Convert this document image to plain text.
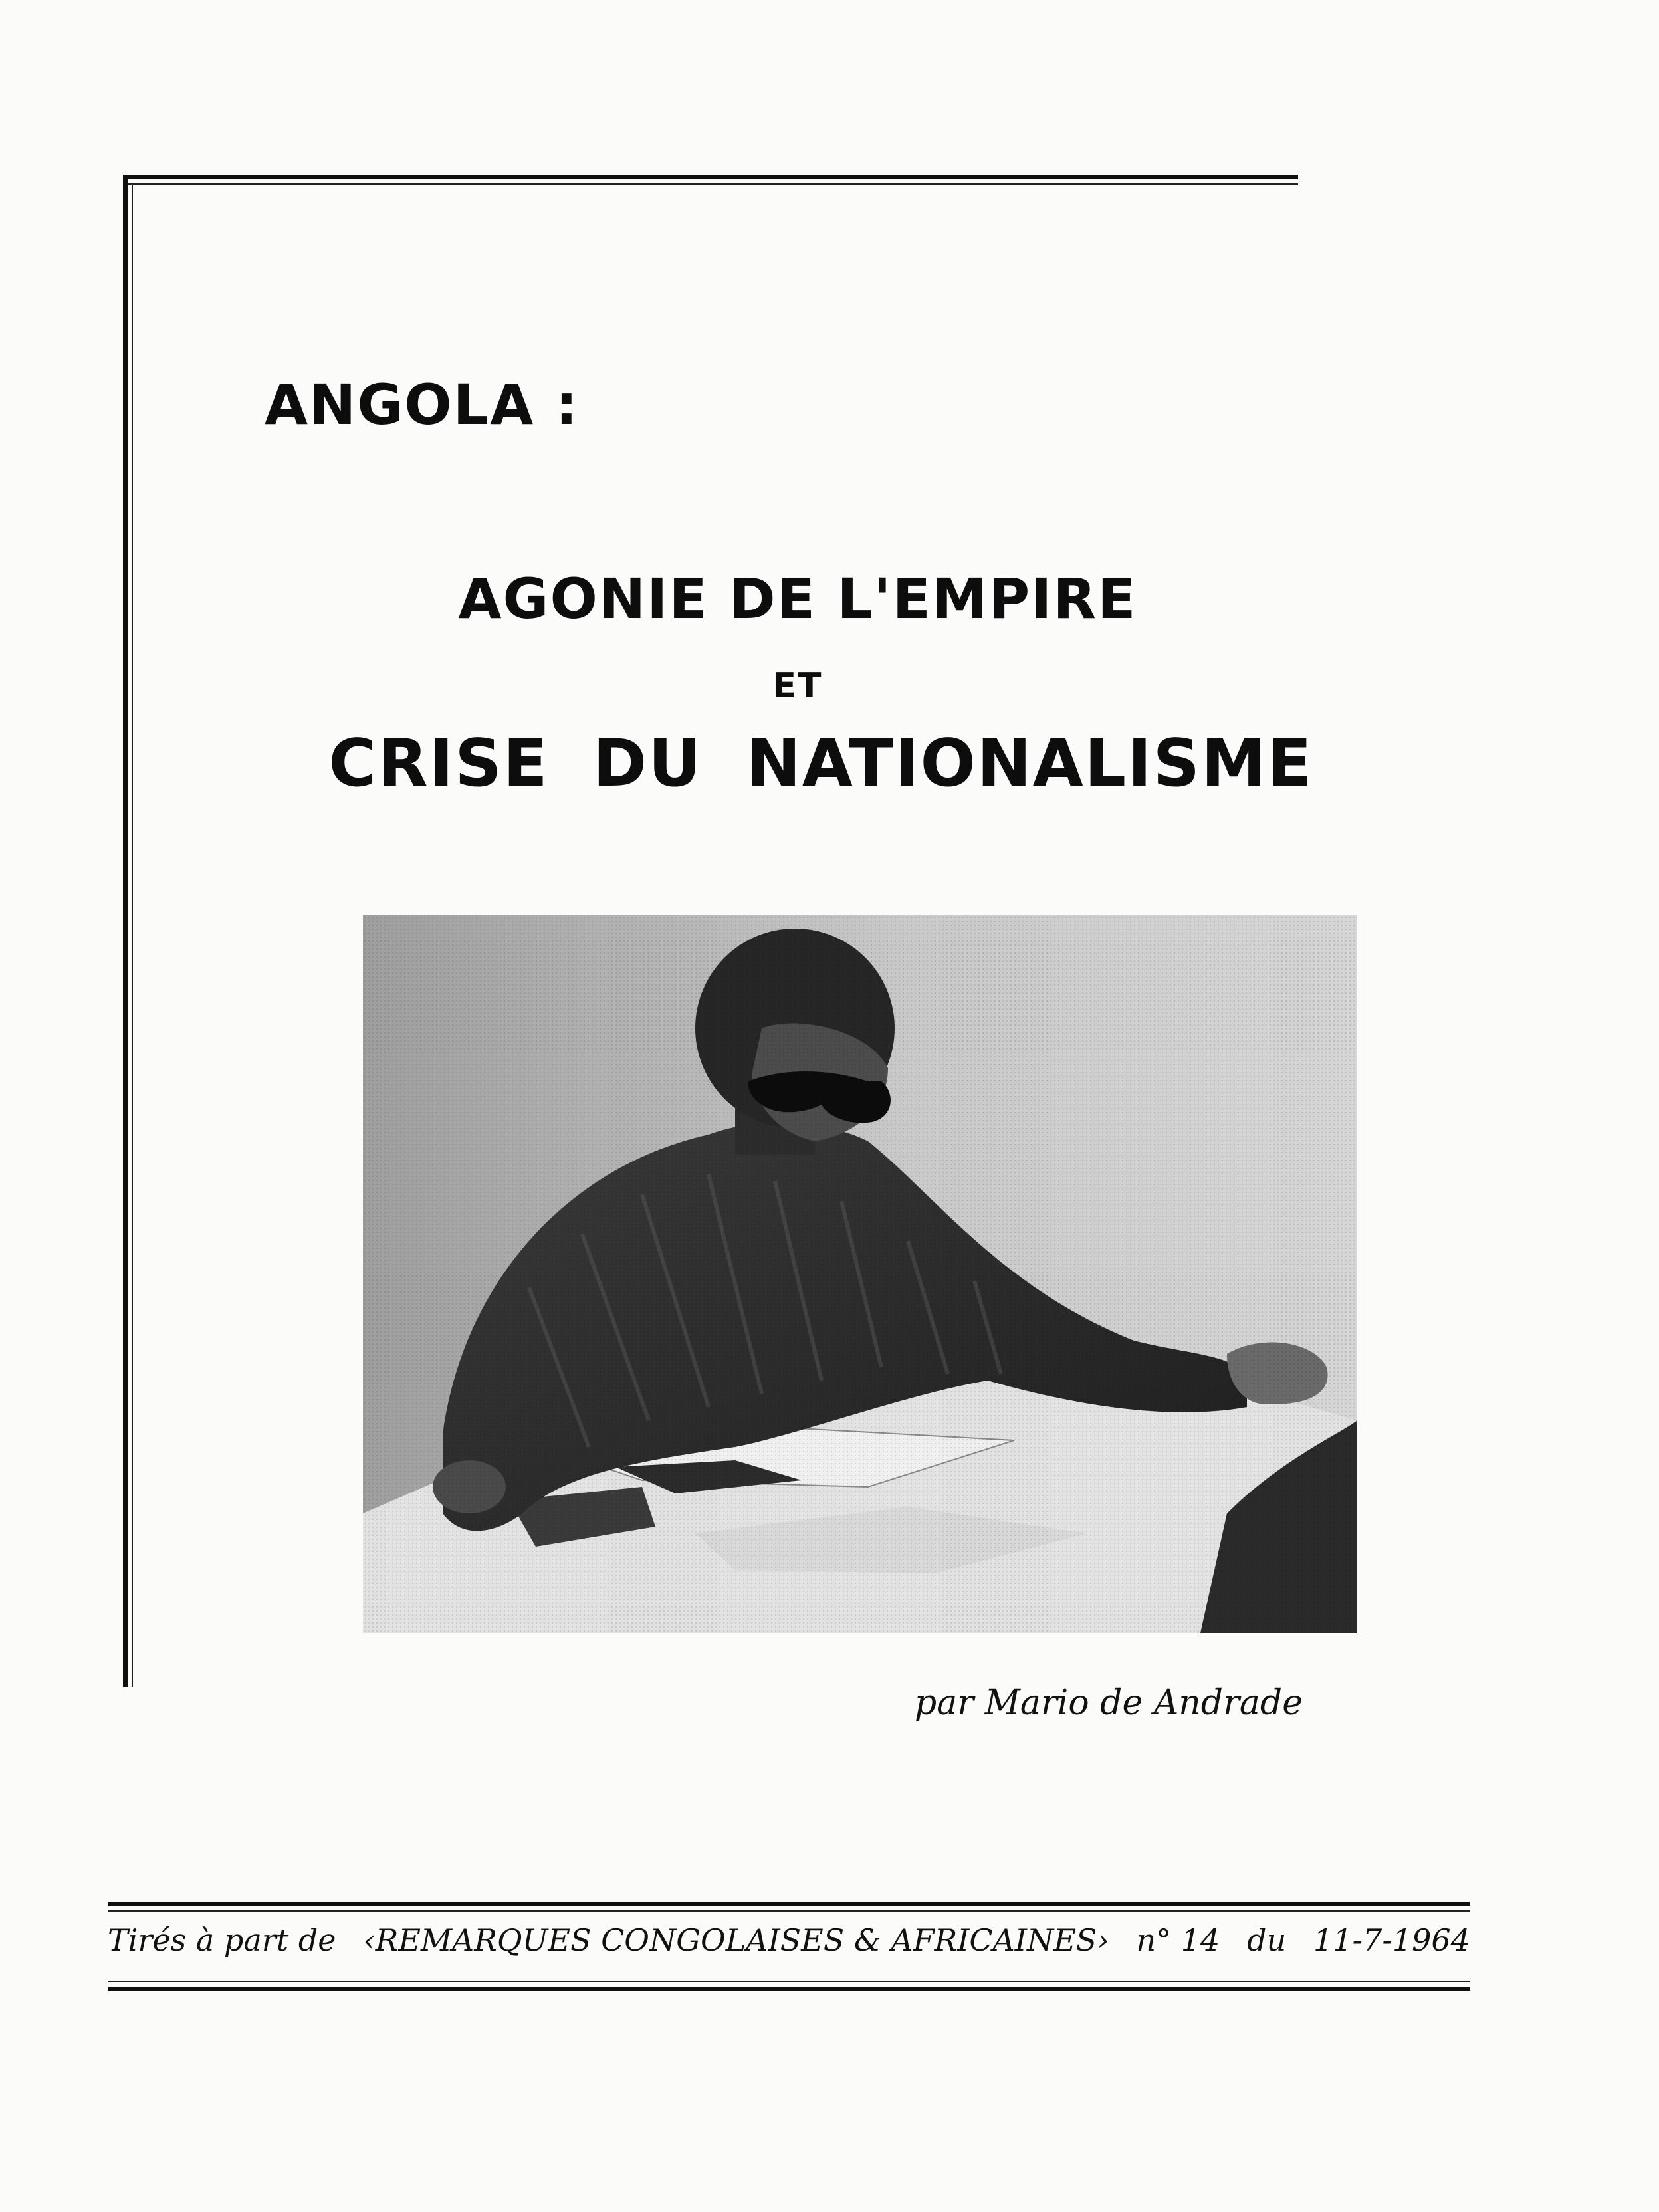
ANGOLA :
AGONIE DE L'EMPIRE
ET
CRISE DU NATIONALISME
par Mario de Andrade
Tirés à part de ‹REMARQUES CONGOLAISES & AFRICAINES› n° 14 du 11-7-1964
